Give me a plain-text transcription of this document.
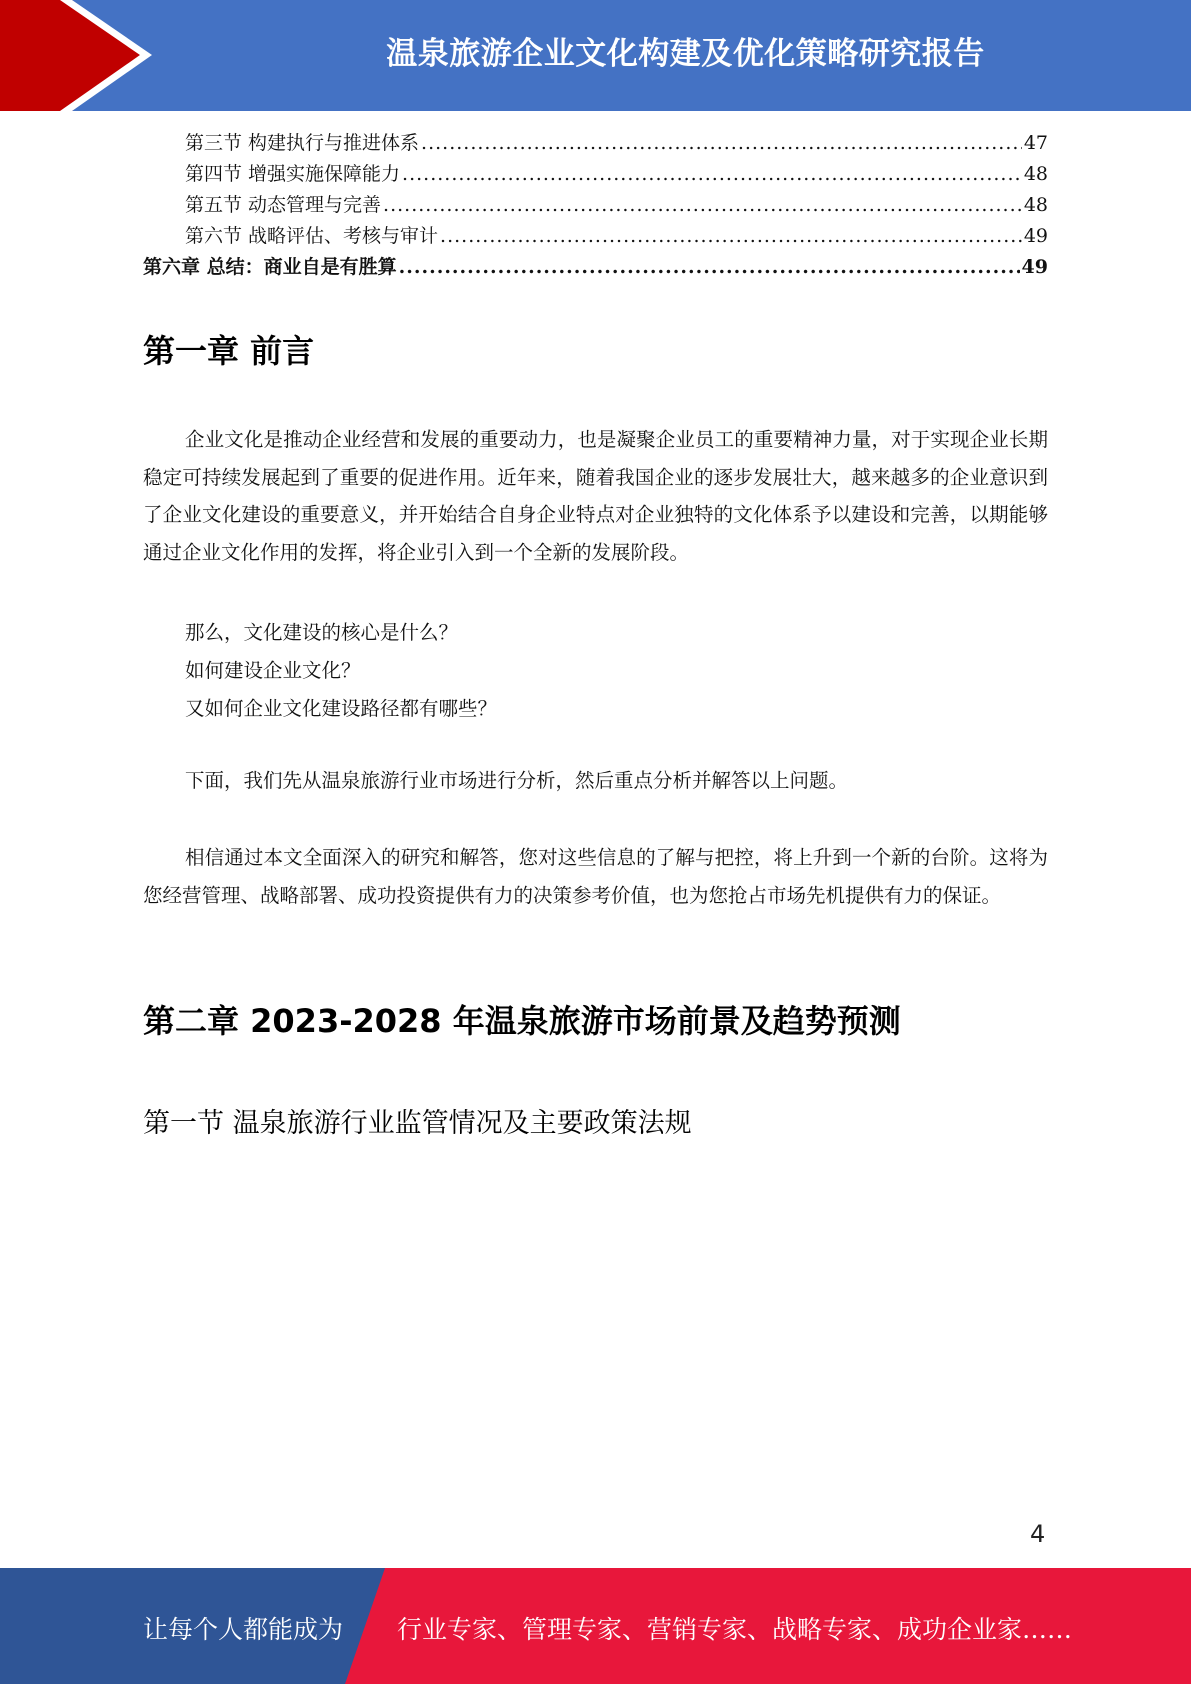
温泉旅游企业文化构建及优化策略研究报告
第三节 构建执行与推进体系 .....	47
第四节 增强实施保障能力 .....	48
第五节 动态管理与完善 .....	48
第六节 战略评估、考核与审计 .....	49
第六章 总结：商业自是有胜算 .....	49
第一章 前言
企业文化是推动企业经营和发展的重要动力，也是凝聚企业员工的重要精神力量，对于实现企业长期稳定可持续发展起到了重要的促进作用。近年来，随着我国企业的逐步发展壮大，越来越多的企业意识到了企业文化建设的重要意义，并开始结合自身企业特点对企业独特的文化体系予以建设和完善，以期能够通过企业文化作用的发挥，将企业引入到一个全新的发展阶段。
那么，文化建设的核心是什么？
如何建设企业文化？
又如何企业文化建设路径都有哪些？
下面，我们先从温泉旅游行业市场进行分析，然后重点分析并解答以上问题。
相信通过本文全面深入的研究和解答，您对这些信息的了解与把控，将上升到一个新的台阶。这将为您经营管理、战略部署、成功投资提供有力的决策参考价值，也为您抢占市场先机提供有力的保证。
第二章 2023-2028 年温泉旅游市场前景及趋势预测
第一节 温泉旅游行业监管情况及主要政策法规
4
让每个人都能成为 行业专家、管理专家、营销专家、战略专家、成功企业家……
